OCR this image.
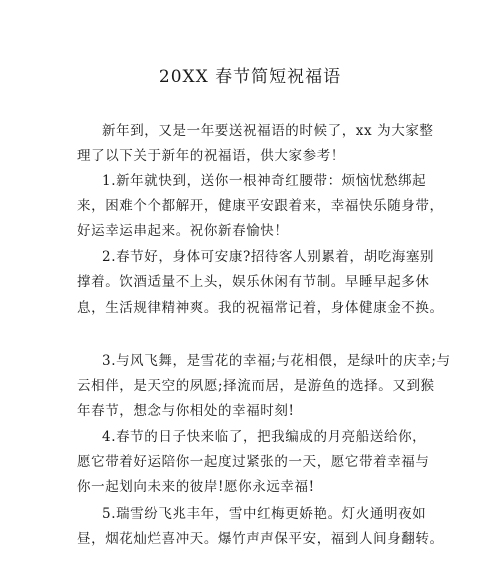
20XX 春节简短祝福语
新年到，又是一年要送祝福语的时候了，xx 为大家整
理了以下关于新年的祝福语，供大家参考！
1.新年就快到，送你一根神奇红腰带：烦恼忧愁绑起
来，困难个个都解开，健康平安跟着来，幸福快乐随身带，
好运幸运串起来。祝你新春愉快！
2.春节好，身体可安康?招待客人别累着，胡吃海塞别
撑着。饮酒适量不上头，娱乐休闲有节制。早睡早起多休
息，生活规律精神爽。我的祝福常记着，身体健康金不换。
3.与风飞舞，是雪花的幸福;与花相偎，是绿叶的庆幸;与
云相伴，是天空的夙愿;择流而居，是游鱼的选择。又到猴
年春节，想念与你相处的幸福时刻!
4.春节的日子快来临了，把我编成的月亮船送给你，
愿它带着好运陪你一起度过紧张的一天，愿它带着幸福与
你一起划向未来的彼岸!愿你永远幸福!
5.瑞雪纷飞兆丰年，雪中红梅更娇艳。灯火通明夜如
昼，烟花灿烂喜冲天。爆竹声声保平安，福到人间身翻转。
